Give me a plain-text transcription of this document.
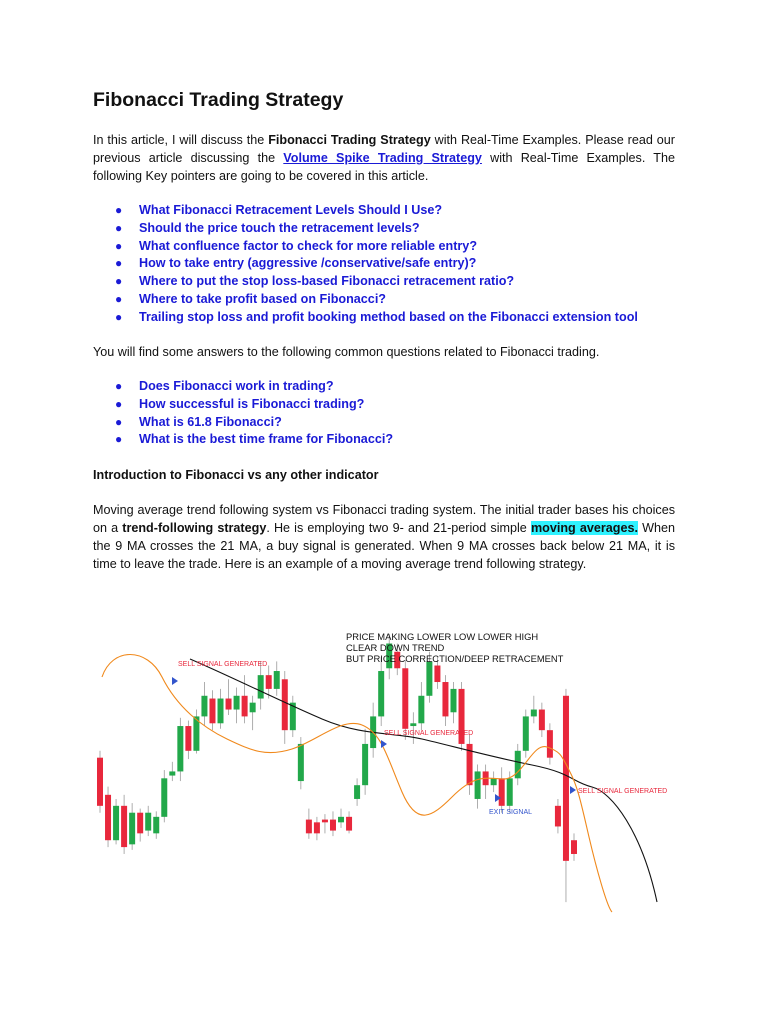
Fibonacci Trading Strategy

In this article, I will discuss the Fibonacci Trading Strategy with Real-Time Examples. Please read our previous article discussing the Volume Spike Trading Strategy with Real-Time Examples. The following Key pointers are going to be covered in this article.

● What Fibonacci Retracement Levels Should I Use?
● Should the price touch the retracement levels?
● What confluence factor to check for more reliable entry?
● How to take entry (aggressive /conservative/safe entry)?
● Where to put the stop loss-based Fibonacci retracement ratio?
● Where to take profit based on Fibonacci?
● Trailing stop loss and profit booking method based on the Fibonacci extension tool

You will find some answers to the following common questions related to Fibonacci trading.

● Does Fibonacci work in trading?
● How successful is Fibonacci trading?
● What is 61.8 Fibonacci?
● What is the best time frame for Fibonacci?

Introduction to Fibonacci vs any other indicator

Moving average trend following system vs Fibonacci trading system. The initial trader bases his choices on a trend-following strategy. He is employing two 9- and 21-period simple moving averages. When the 9 MA crosses the 21 MA, a buy signal is generated. When 9 MA crosses back below 21 MA, it is time to leave the trade. Here is an example of a moving average trend following strategy.

SELL SIGNAL GENERATED
SELL SIGNAL GENERATED
SELL SIGNAL GENERATED
EXIT SIGNAL
PRICE MAKING LOWER LOW LOWER HIGH
CLEAR DOWN TREND
BUT PRICE CORRECTION/DEEP RETRACEMENT
